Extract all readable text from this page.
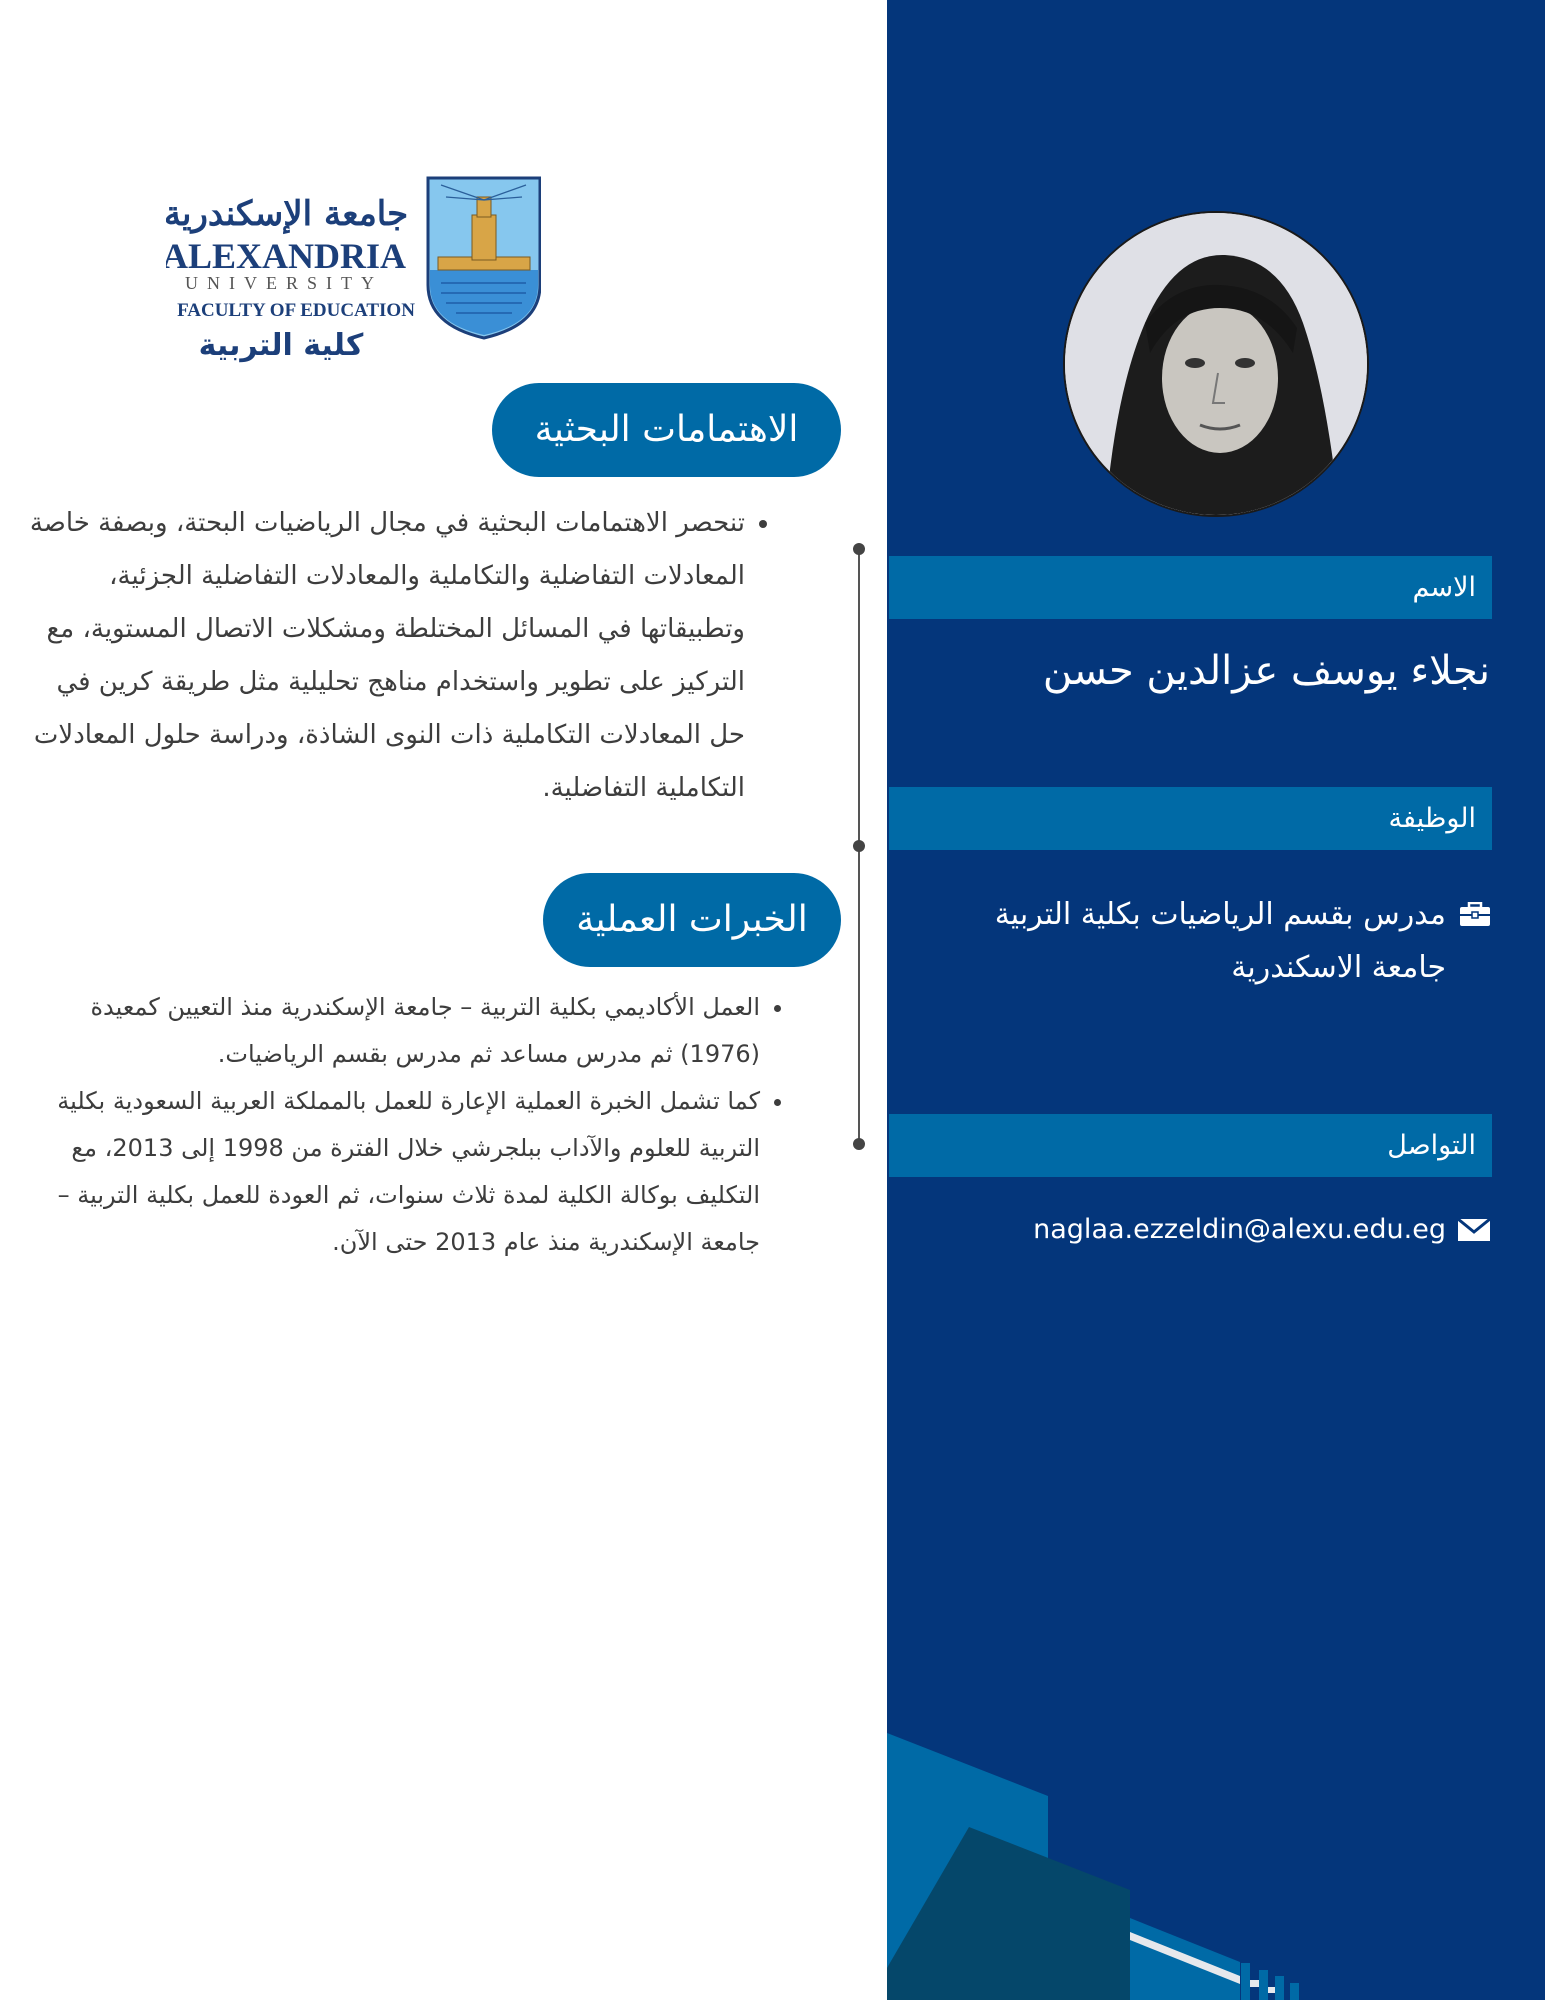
جامعة الإسكندرية
ALEXANDRIA
UNIVERSITY
FACULTY OF EDUCATION
كلية التربية
الاهتمامات البحثية
• تنحصر الاهتمامات البحثية في مجال الرياضيات البحتة، وبصفة خاصة المعادلات التفاضلية والتكاملية والمعادلات التفاضلية الجزئية، وتطبيقاتها في المسائل المختلطة ومشكلات الاتصال المستوية، مع التركيز على تطوير واستخدام مناهج تحليلية مثل طريقة كرين في حل المعادلات التكاملية ذات النوى الشاذة، ودراسة حلول المعادلات التكاملية التفاضلية.
الخبرات العملية
• العمل الأكاديمي بكلية التربية – جامعة الإسكندرية منذ التعيين كمعيدة (1976) ثم مدرس مساعد ثم مدرس بقسم الرياضيات.
• كما تشمل الخبرة العملية الإعارة للعمل بالمملكة العربية السعودية بكلية التربية للعلوم والآداب ببلجرشي خلال الفترة من 1998 إلى 2013، مع التكليف بوكالة الكلية لمدة ثلاث سنوات، ثم العودة للعمل بكلية التربية – جامعة الإسكندرية منذ عام 2013 حتى الآن.
الاسم
نجلاء يوسف عزالدين حسن
الوظيفة
مدرس بقسم الرياضيات بكلية التربية جامعة الاسكندرية
التواصل
naglaa.ezzeldin@alexu.edu.eg
